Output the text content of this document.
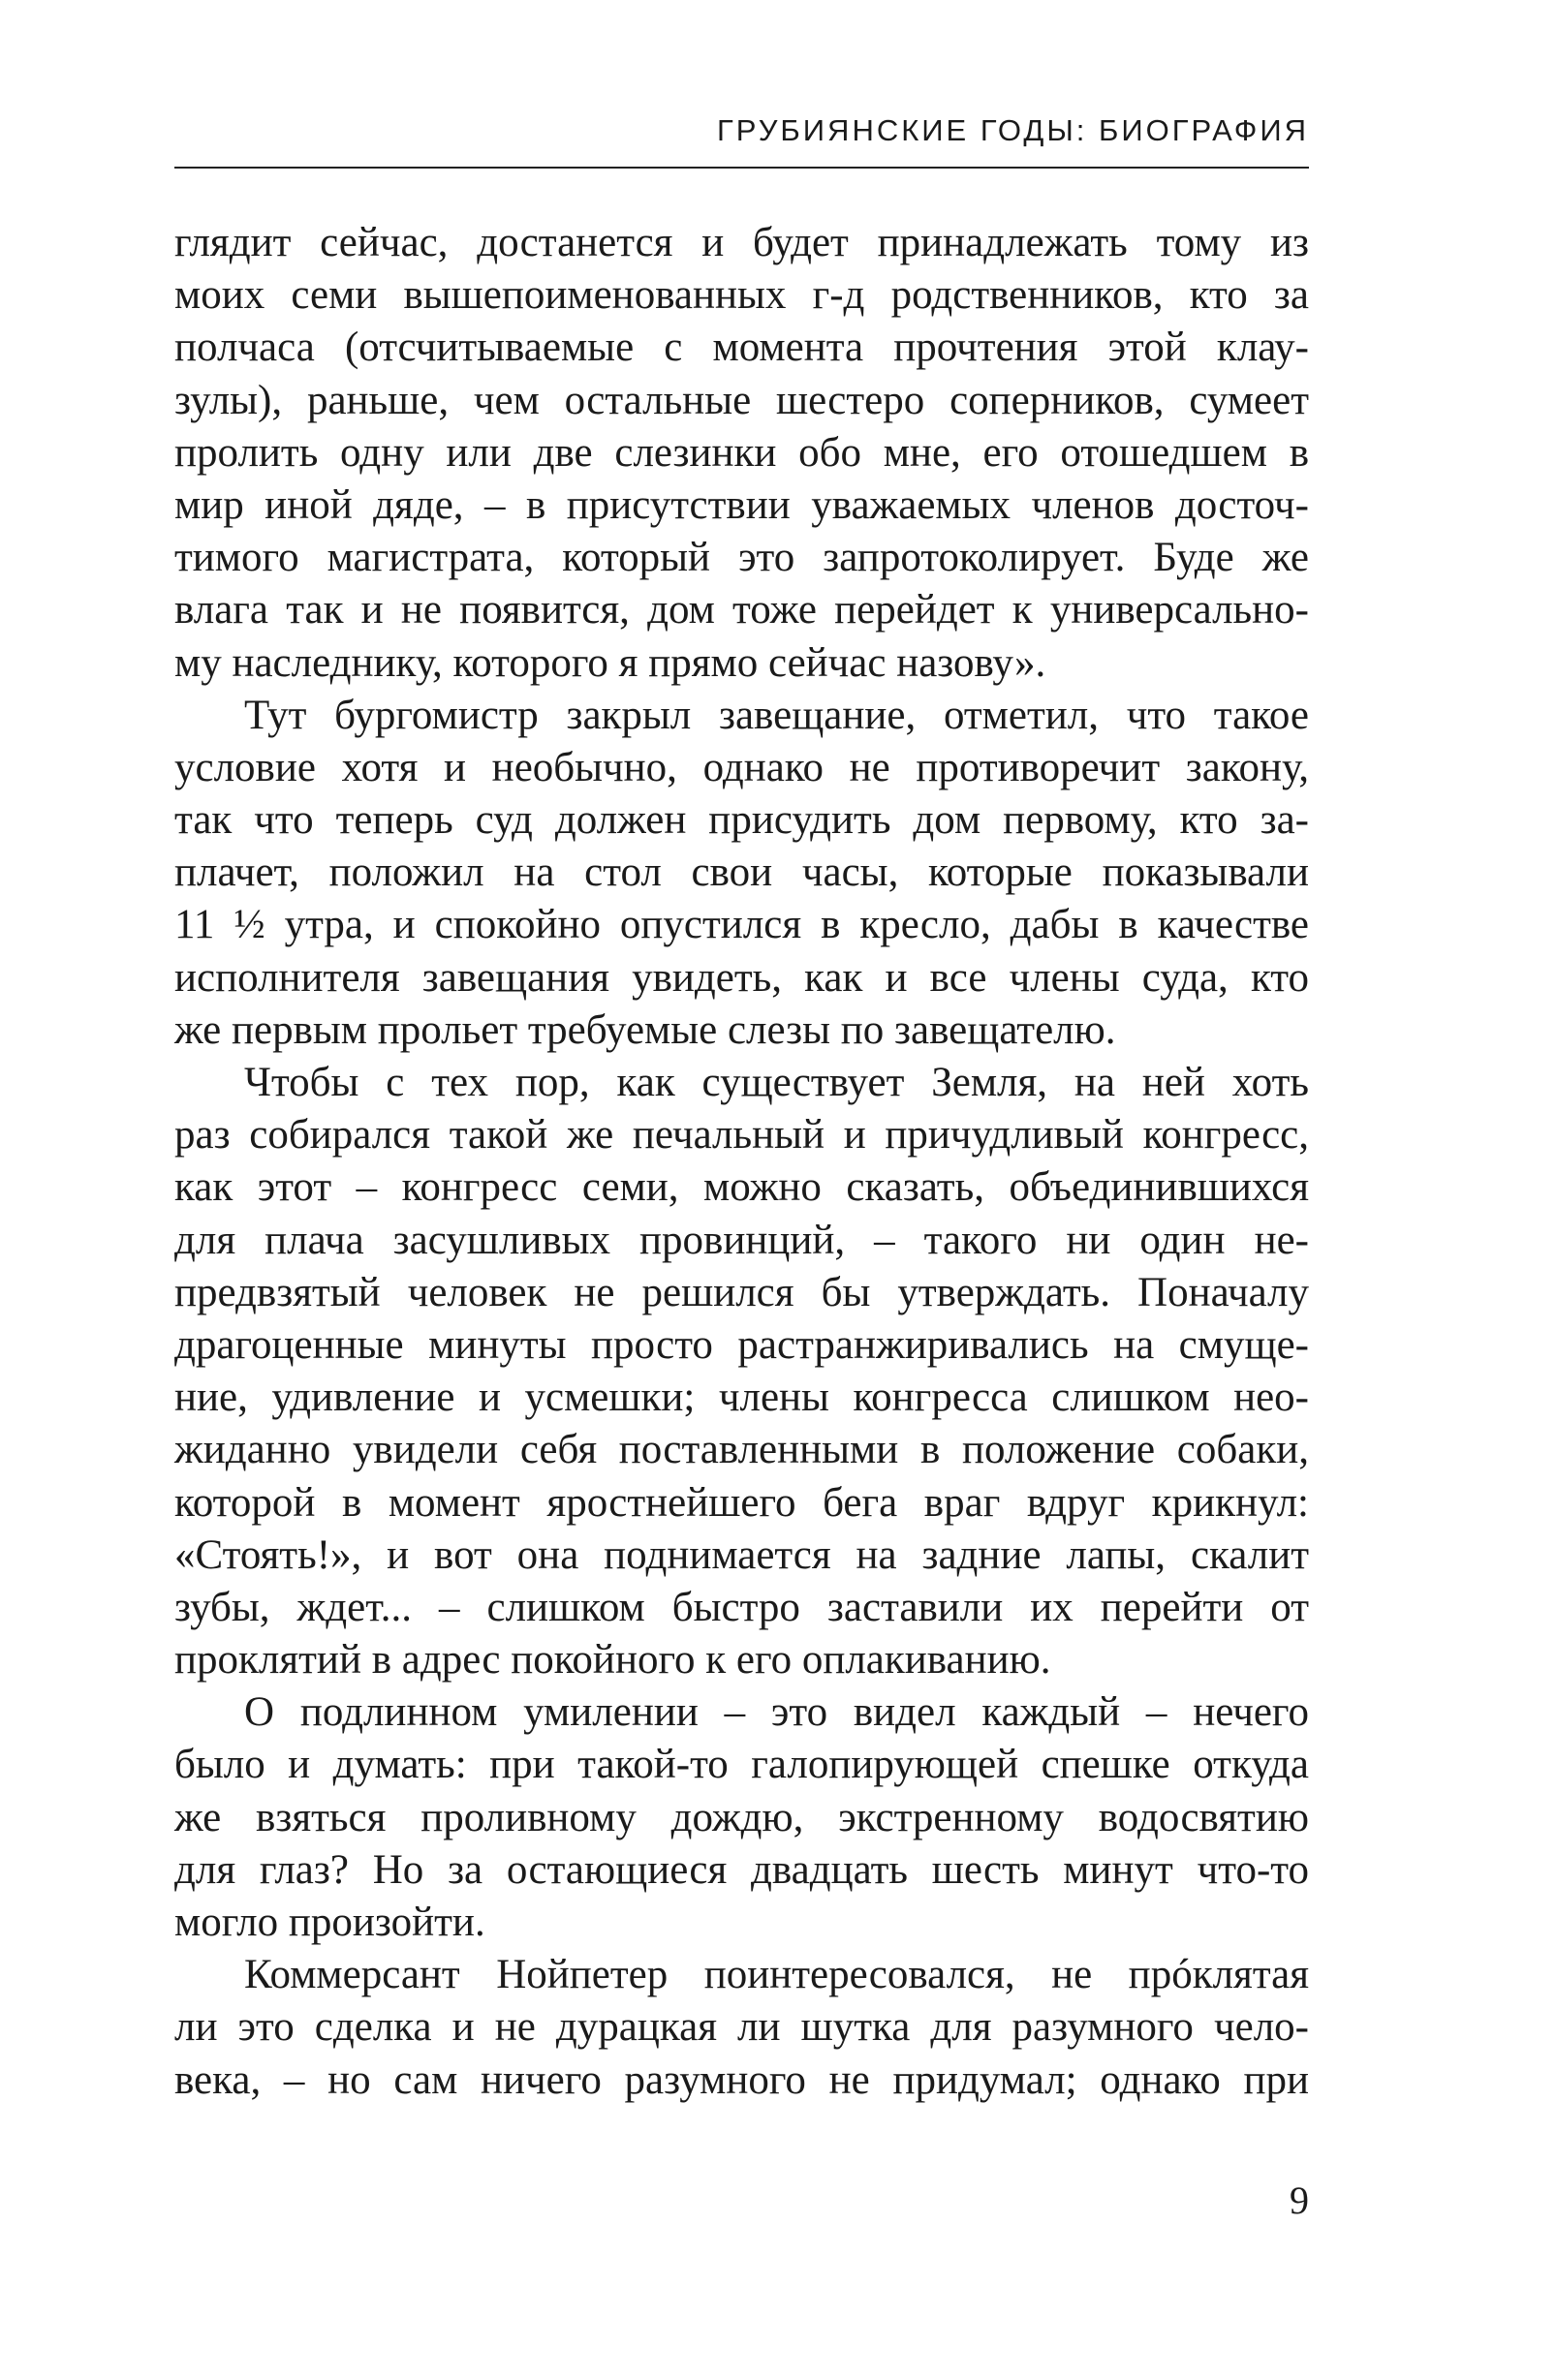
ГРУБИЯНСКИЕ ГОДЫ: БИОГРАФИЯ
глядит сейчас, достанется и будет принадлежать тому из
моих семи вышепоименованных г-д родственников, кто за
полчаса (отсчитываемые с момента прочтения этой клау-
зулы), раньше, чем остальные шестеро соперников, сумеет
пролить одну или две слезинки обо мне, его отошедшем в
мир иной дяде, – в присутствии уважаемых членов досточ-
тимого магистрата, который это запротоколирует. Буде же
влага так и не появится, дом тоже перейдет к универсально-
му наследнику, которого я прямо сейчас назову».
Тут бургомистр закрыл завещание, отметил, что такое
условие хотя и необычно, однако не противоречит закону,
так что теперь суд должен присудить дом первому, кто за-
плачет, положил на стол свои часы, которые показывали
11 ½ утра, и спокойно опустился в кресло, дабы в качестве
исполнителя завещания увидеть, как и все члены суда, кто
же первым прольет требуемые слезы по завещателю.
Чтобы с тех пор, как существует Земля, на ней хоть
раз собирался такой же печальный и причудливый конгресс,
как этот – конгресс семи, можно сказать, объединившихся
для плача засушливых провинций, – такого ни один не-
предвзятый человек не решился бы утверждать. Поначалу
драгоценные минуты просто растранжиривались на смуще-
ние, удивление и усмешки; члены конгресса слишком нео-
жиданно увидели себя поставленными в положение собаки,
которой в момент яростнейшего бега враг вдруг крикнул:
«Стоять!», и вот она поднимается на задние лапы, скалит
зубы, ждет... – слишком быстро заставили их перейти от
проклятий в адрес покойного к его оплакиванию.
О подлинном умилении – это видел каждый – нечего
было и думать: при такой-то галопирующей спешке откуда
же взяться проливному дождю, экстренному водосвятию
для глаз? Но за остающиеся двадцать шесть минут что-то
могло произойти.
Коммерсант Нойпетер поинтересовался, не прóклятая
ли это сделка и не дурацкая ли шутка для разумного чело-
века, – но сам ничего разумного не придумал; однако при
9
